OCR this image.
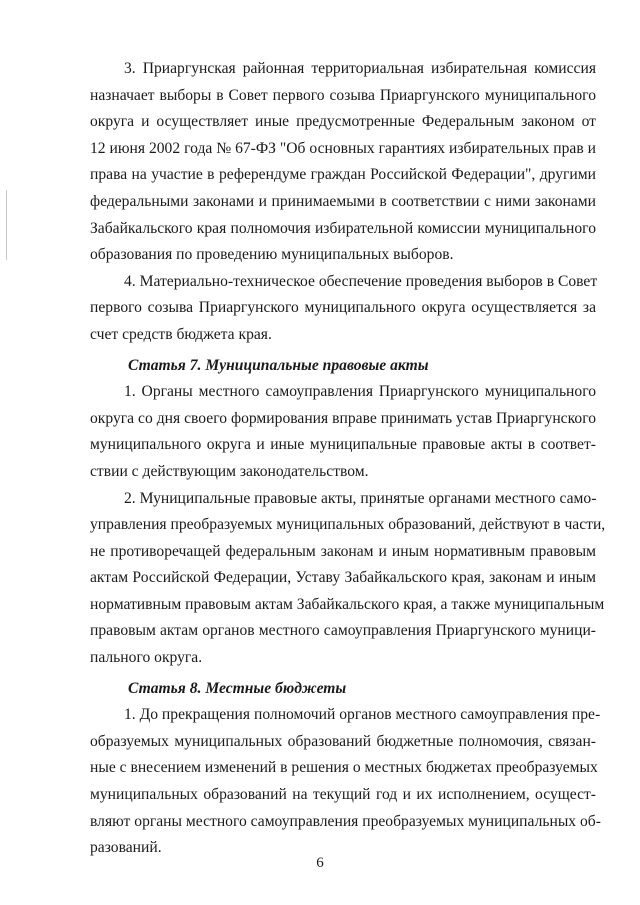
3. Приаргунская районная территориальная избирательная комиссия
назначает выборы в Совет первого созыва Приаргунского муниципального
округа и осуществляет иные предусмотренные Федеральным законом от
12 июня 2002 года № 67-ФЗ "Об основных гарантиях избирательных прав и
права на участие в референдуме граждан Российской Федерации", другими
федеральными законами и принимаемыми в соответствии с ними законами
Забайкальского края полномочия избирательной комиссии муниципального
образования по проведению муниципальных выборов.
4. Материально-техническое обеспечение проведения выборов в Совет
первого созыва Приаргунского муниципального округа осуществляется за
счет средств бюджета края.
Статья 7. Муниципальные правовые акты
1. Органы местного самоуправления Приаргунского муниципального
округа со дня своего формирования вправе принимать устав Приаргунского
муниципального округа и иные муниципальные правовые акты в соответ-
ствии с действующим законодательством.
2. Муниципальные правовые акты, принятые органами местного само-
управления преобразуемых муниципальных образований, действуют в части,
не противоречащей федеральным законам и иным нормативным правовым
актам Российской Федерации, Уставу Забайкальского края, законам и иным
нормативным правовым актам Забайкальского края, а также муниципальным
правовым актам органов местного самоуправления Приаргунского муници-
пального округа.
Статья 8. Местные бюджеты
1. До прекращения полномочий органов местного самоуправления пре-
образуемых муниципальных образований бюджетные полномочия, связан-
ные с внесением изменений в решения о местных бюджетах преобразуемых
муниципальных образований на текущий год и их исполнением, осущест-
вляют органы местного самоуправления преобразуемых муниципальных об-
разований.
6
